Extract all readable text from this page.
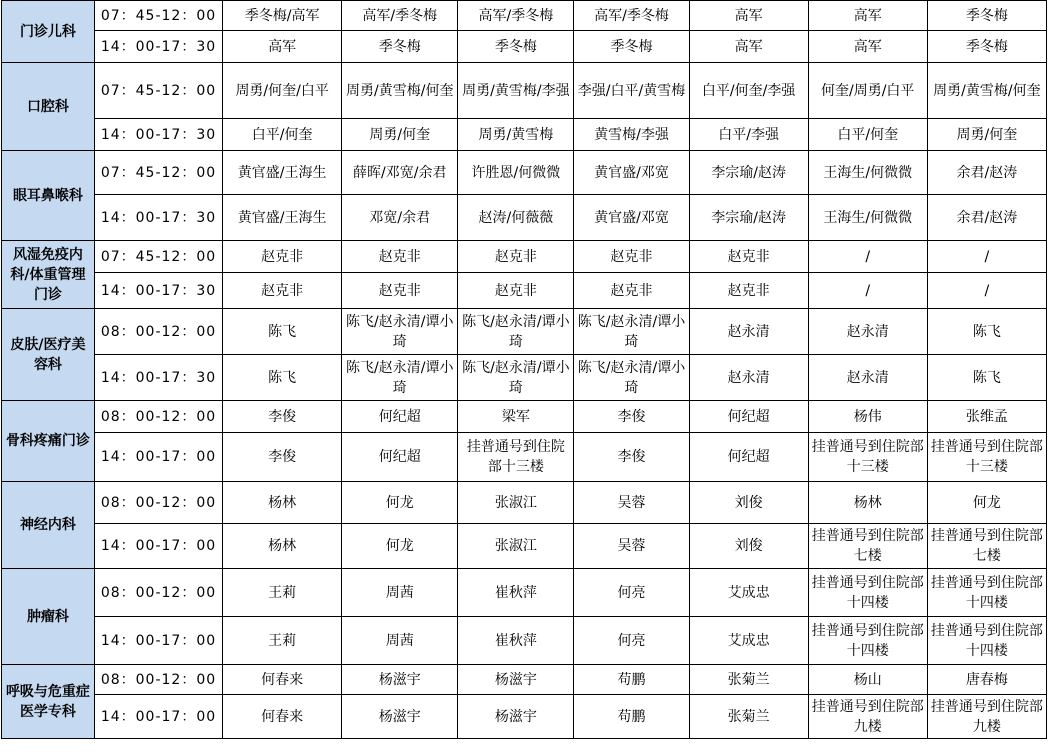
门诊儿科	07：45-12：00	季冬梅/高军	高军/季冬梅	高军/季冬梅	高军/季冬梅	高军	高军	季冬梅
	14：00-17：30	高军	季冬梅	季冬梅	季冬梅	高军	高军	季冬梅
口腔科	07：45-12：00	周勇/何奎/白平	周勇/黄雪梅/何奎	周勇/黄雪梅/李强	李强/白平/黄雪梅	白平/何奎/李强	何奎/周勇/白平	周勇/黄雪梅/何奎
	14：00-17：30	白平/何奎	周勇/何奎	周勇/黄雪梅	黄雪梅/李强	白平/李强	白平/何奎	周勇/何奎
眼耳鼻喉科	07：45-12：00	黄官盛/王海生	薛晖/邓宽/余君	许胜恩/何微微	黄官盛/邓宽	李宗瑜/赵涛	王海生/何微微	余君/赵涛
	14：00-17：30	黄官盛/王海生	邓宽/余君	赵涛/何薇薇	黄官盛/邓宽	李宗瑜/赵涛	王海生/何微微	余君/赵涛
风湿免疫内科/体重管理门诊	07：45-12：00	赵克非	赵克非	赵克非	赵克非	赵克非	/	/
	14：00-17：30	赵克非	赵克非	赵克非	赵克非	赵克非	/	/
皮肤/医疗美容科	08：00-12：00	陈飞	陈飞/赵永清/谭小琦	陈飞/赵永清/谭小琦	陈飞/赵永清/谭小琦	赵永清	赵永清	陈飞
	14：00-17：30	陈飞	陈飞/赵永清/谭小琦	陈飞/赵永清/谭小琦	陈飞/赵永清/谭小琦	赵永清	赵永清	陈飞
骨科疼痛门诊	08：00-12：00	李俊	何纪超	梁军	李俊	何纪超	杨伟	张维孟
	14：00-17：00	李俊	何纪超	挂普通号到住院部十三楼	李俊	何纪超	挂普通号到住院部十三楼	挂普通号到住院部十三楼
神经内科	08：00-12：00	杨林	何龙	张淑江	吴蓉	刘俊	杨林	何龙
	14：00-17：00	杨林	何龙	张淑江	吴蓉	刘俊	挂普通号到住院部七楼	挂普通号到住院部七楼
肿瘤科	08：00-12：00	王莉	周茜	崔秋萍	何亮	艾成忠	挂普通号到住院部十四楼	挂普通号到住院部十四楼
	14：00-17：00	王莉	周茜	崔秋萍	何亮	艾成忠	挂普通号到住院部十四楼	挂普通号到住院部十四楼
呼吸与危重症医学专科	08：00-12：00	何春来	杨滋宇	杨滋宇	苟鹏	张菊兰	杨山	唐春梅
	14：00-17：00	何春来	杨滋宇	杨滋宇	苟鹏	张菊兰	挂普通号到住院部九楼	挂普通号到住院部九楼
